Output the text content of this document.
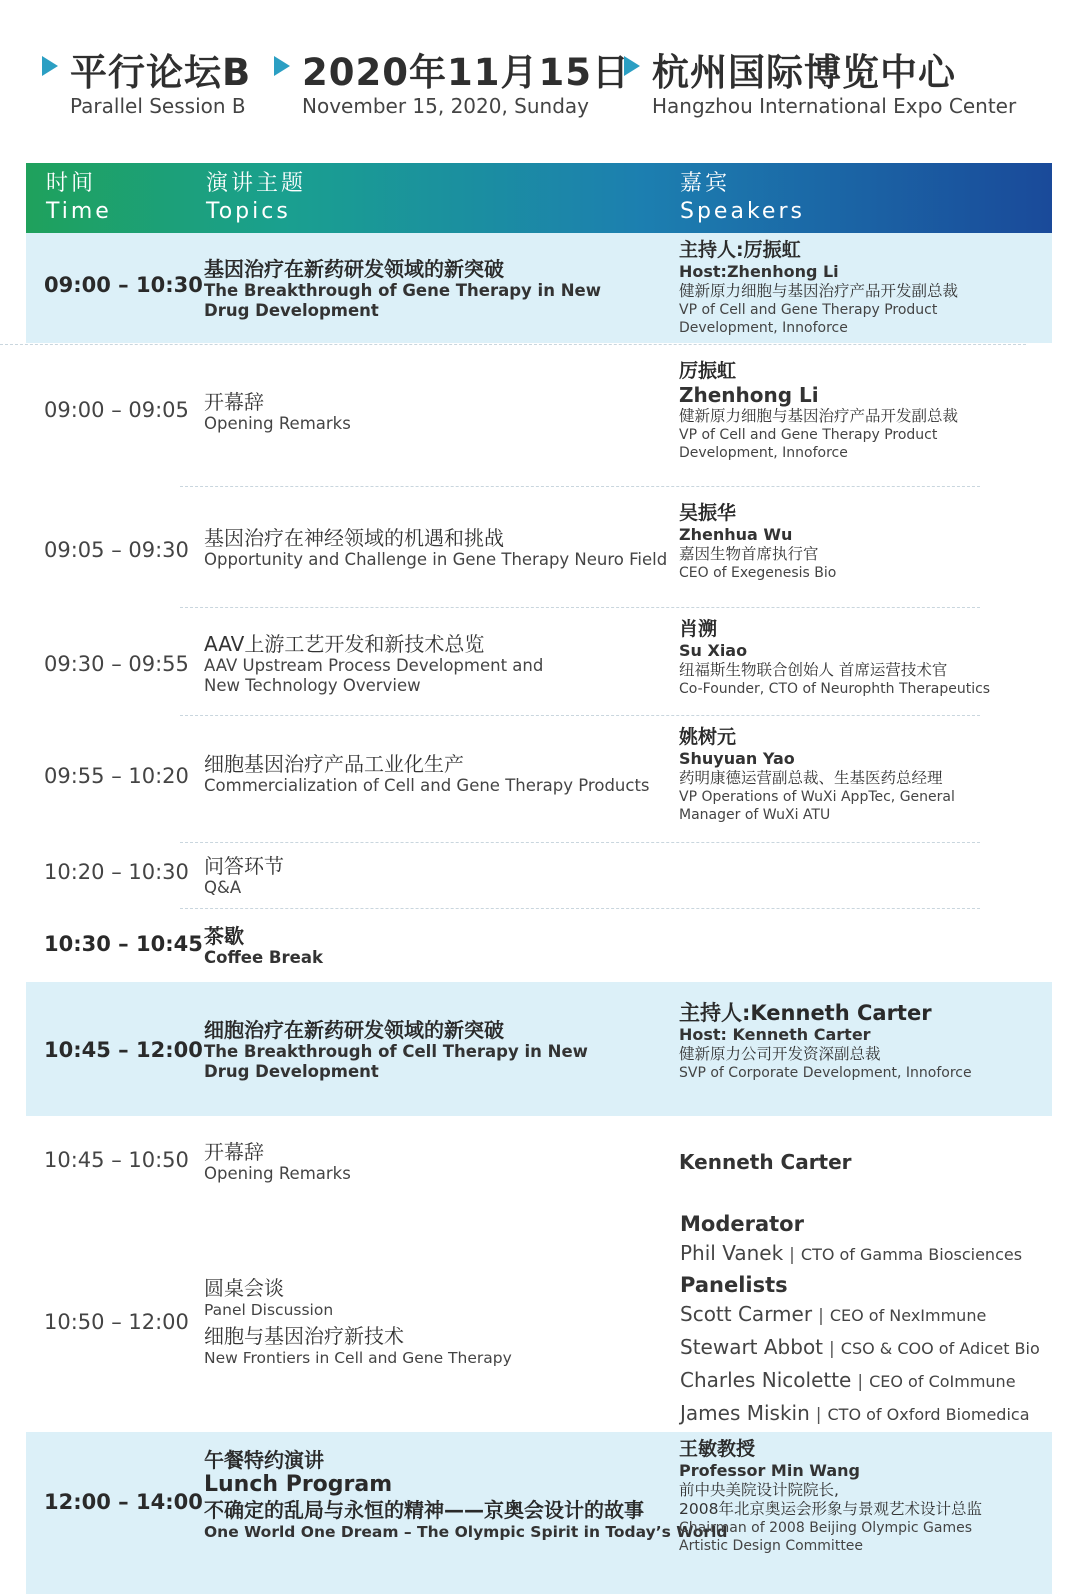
平行论坛B
Parallel Session B
2020年11月15日
November 15, 2020, Sunday
杭州国际博览中心
Hangzhou International Expo Center
时间
Time
演讲主题
Topics
嘉宾
Speakers
09:00 – 10:30
基因治疗在新药研发领域的新突破
The Breakthrough of Gene Therapy in New Drug Development
主持人:厉振虹
Host:Zhenhong Li
健新原力细胞与基因治疗产品开发副总裁
VP of Cell and Gene Therapy Product Development, Innoforce
09:00 – 09:05 开幕辞
Opening Remarks
厉振虹
Zhenhong Li
健新原力细胞与基因治疗产品开发副总裁
VP of Cell and Gene Therapy Product Development, Innoforce
09:05 – 09:30 基因治疗在神经领域的机遇和挑战
Opportunity and Challenge in Gene Therapy Neuro Field
吴振华
Zhenhua Wu
嘉因生物首席执行官
CEO of Exegenesis Bio
09:30 – 09:55
AAV上游工艺开发和新技术总览
AAV Upstream Process Development and New Technology Overview
肖溯
Su Xiao
纽福斯生物联合创始人 首席运营技术官
Co-Founder, CTO of Neurophth Therapeutics
09:55 – 10:20 细胞基因治疗产品工业化生产
Commercialization of Cell and Gene Therapy Products
姚树元
Shuyuan Yao
药明康德运营副总裁、生基医药总经理
VP Operations of WuXi AppTec, General Manager of WuXi ATU
10:20 – 10:30 问答环节
Q&A
10:30 – 10:45 茶歇
Coffee Break
10:45 – 12:00
细胞治疗在新药研发领域的新突破
The Breakthrough of Cell Therapy in New Drug Development
主持人:Kenneth Carter
Host: Kenneth Carter
健新原力公司开发资深副总裁
SVP of Corporate Development, Innoforce
10:45 – 10:50 开幕辞
Opening Remarks	Kenneth Carter
10:50 – 12:00
圆桌会谈
Panel Discussion
细胞与基因治疗新技术
New Frontiers in Cell and Gene Therapy
Moderator
Phil Vanek | CTO of Gamma Biosciences
Panelists
Scott Carmer | CEO of NexImmune
Stewart Abbot | CSO & COO of Adicet Bio
Charles Nicolette | CEO of CoImmune
James Miskin | CTO of Oxford Biomedica
12:00 – 14:00
午餐特约演讲
Lunch Program
不确定的乱局与永恒的精神——京奥会设计的故事
One World One Dream – The Olympic Spirit in Today’s World
王敏教授
Professor Min Wang
前中央美院设计院院长,
2008年北京奥运会形象与景观艺术设计总监
Chairman of 2008 Beijing Olympic Games Artistic Design Committee
